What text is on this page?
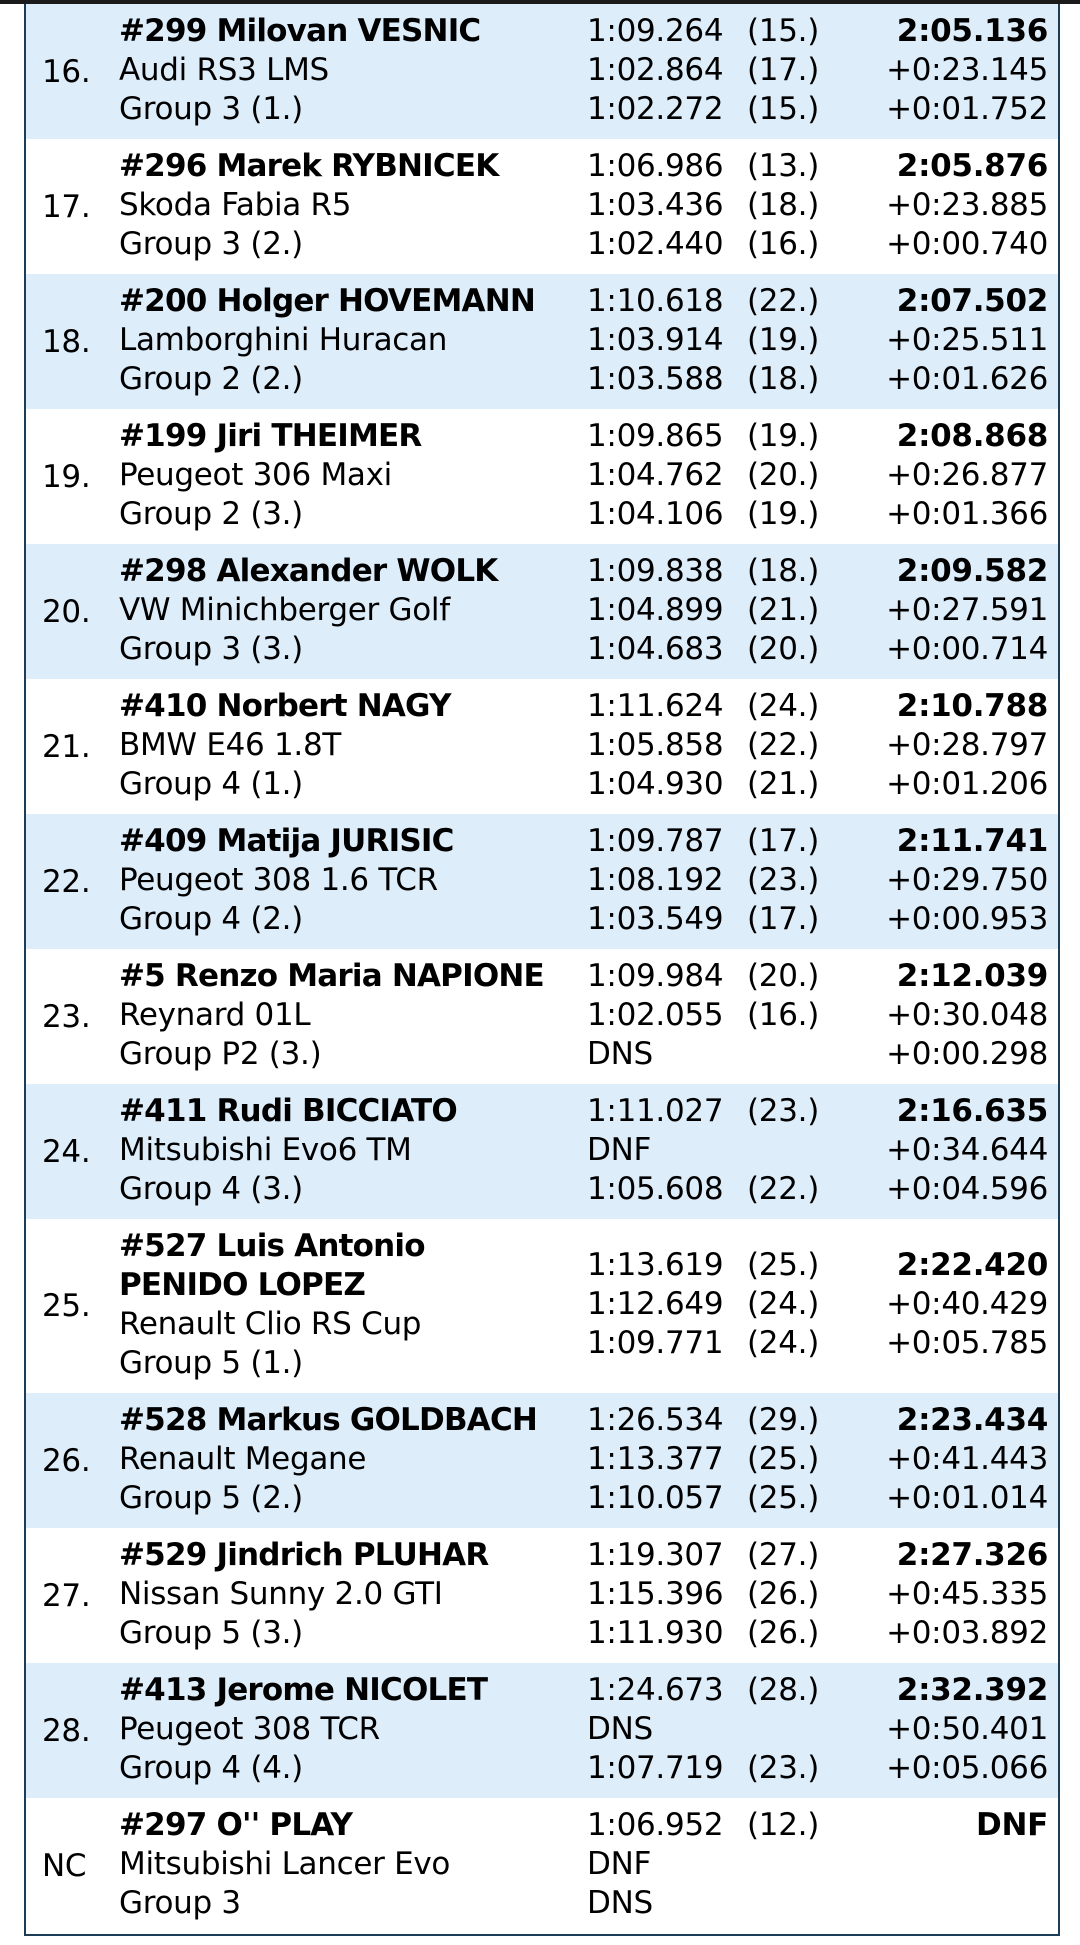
16.
#299 Milovan VESNIC
Audi RS3 LMS
Group 3 (1.)
1:09.264 (15.)
1:02.864 (17.)
1:02.272 (15.)
2:05.136
+0:23.145
+0:01.752
17.
#296 Marek RYBNICEK
Skoda Fabia R5
Group 3 (2.)
1:06.986 (13.)
1:03.436 (18.)
1:02.440 (16.)
2:05.876
+0:23.885
+0:00.740
18.
#200 Holger HOVEMANN
Lamborghini Huracan
Group 2 (2.)
1:10.618 (22.)
1:03.914 (19.)
1:03.588 (18.)
2:07.502
+0:25.511
+0:01.626
19.
#199 Jiri THEIMER
Peugeot 306 Maxi
Group 2 (3.)
1:09.865 (19.)
1:04.762 (20.)
1:04.106 (19.)
2:08.868
+0:26.877
+0:01.366
20.
#298 Alexander WOLK
VW Minichberger Golf
Group 3 (3.)
1:09.838 (18.)
1:04.899 (21.)
1:04.683 (20.)
2:09.582
+0:27.591
+0:00.714
21.
#410 Norbert NAGY
BMW E46 1.8T
Group 4 (1.)
1:11.624 (24.)
1:05.858 (22.)
1:04.930 (21.)
2:10.788
+0:28.797
+0:01.206
22.
#409 Matija JURISIC
Peugeot 308 1.6 TCR
Group 4 (2.)
1:09.787 (17.)
1:08.192 (23.)
1:03.549 (17.)
2:11.741
+0:29.750
+0:00.953
23.
#5 Renzo Maria NAPIONE
Reynard 01L
Group P2 (3.)
1:09.984 (20.)
1:02.055 (16.)
DNS
2:12.039
+0:30.048
+0:00.298
24.
#411 Rudi BICCIATO
Mitsubishi Evo6 TM
Group 4 (3.)
1:11.027 (23.)
DNF
1:05.608 (22.)
2:16.635
+0:34.644
+0:04.596
25.
#527 Luis Antonio PENIDO LOPEZ
Renault Clio RS Cup
Group 5 (1.)
1:13.619 (25.)
1:12.649 (24.)
1:09.771 (24.)
2:22.420
+0:40.429
+0:05.785
26.
#528 Markus GOLDBACH
Renault Megane
Group 5 (2.)
1:26.534 (29.)
1:13.377 (25.)
1:10.057 (25.)
2:23.434
+0:41.443
+0:01.014
27.
#529 Jindrich PLUHAR
Nissan Sunny 2.0 GTI
Group 5 (3.)
1:19.307 (27.)
1:15.396 (26.)
1:11.930 (26.)
2:27.326
+0:45.335
+0:03.892
28.
#413 Jerome NICOLET
Peugeot 308 TCR
Group 4 (4.)
1:24.673 (28.)
DNS
1:07.719 (23.)
2:32.392
+0:50.401
+0:05.066
NC
#297 O'' PLAY
Mitsubishi Lancer Evo
Group 3
1:06.952 (12.)
DNF
DNS
DNF
